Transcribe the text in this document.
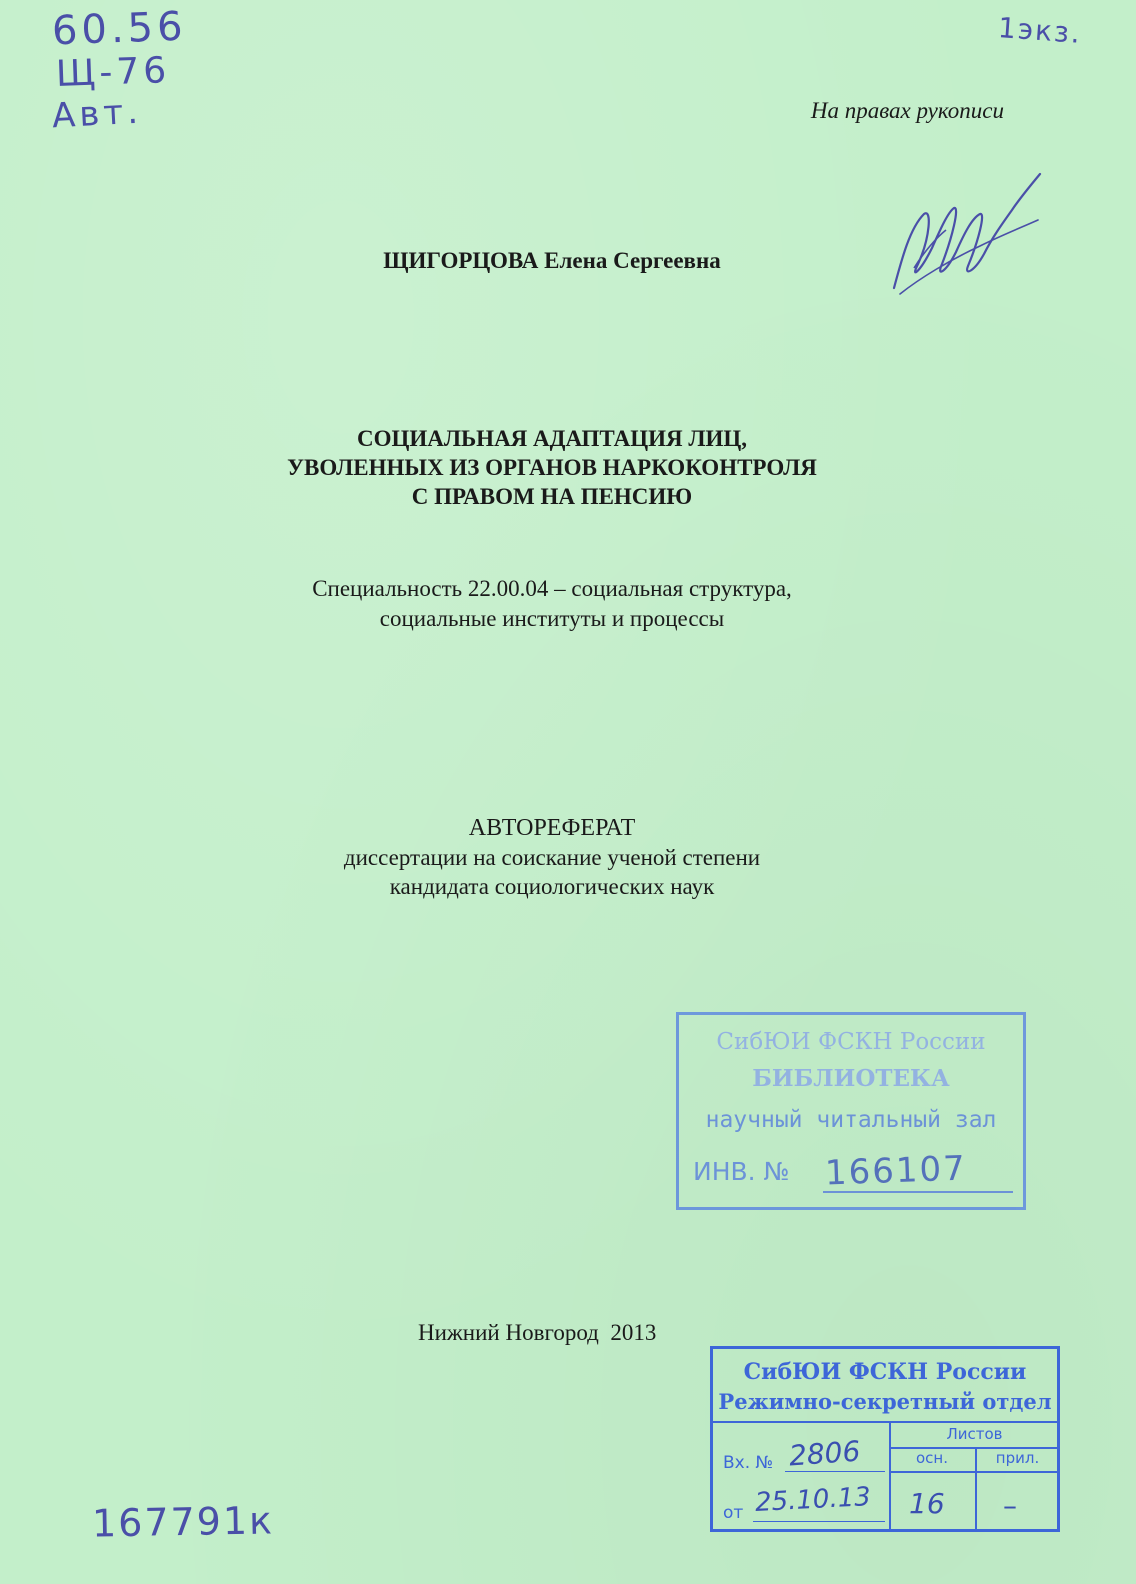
60.56
Щ-76
Авт.
1экз.
На правах рукописи
ЩИГОРЦОВА Елена Сергеевна
СОЦИАЛЬНАЯ АДАПТАЦИЯ ЛИЦ,
УВОЛЕННЫХ ИЗ ОРГАНОВ НАРКОКОНТРОЛЯ
С ПРАВОМ НА ПЕНСИЮ
Специальность 22.00.04 – социальная структура,
социальные институты и процессы
АВТОРЕФЕРАТ
диссертации на соискание ученой степени
кандидата социологических наук
Нижний Новгород  2013
СибЮИ ФСКН России
БИБЛИОТЕКА
научный читальный зал
ИНВ. № 166107
СибЮИ ФСКН России
Режимно-секретный отдел
Листов
осн.	прил.
Вх. № 2806
от 25.10.13 16 –
167791к
